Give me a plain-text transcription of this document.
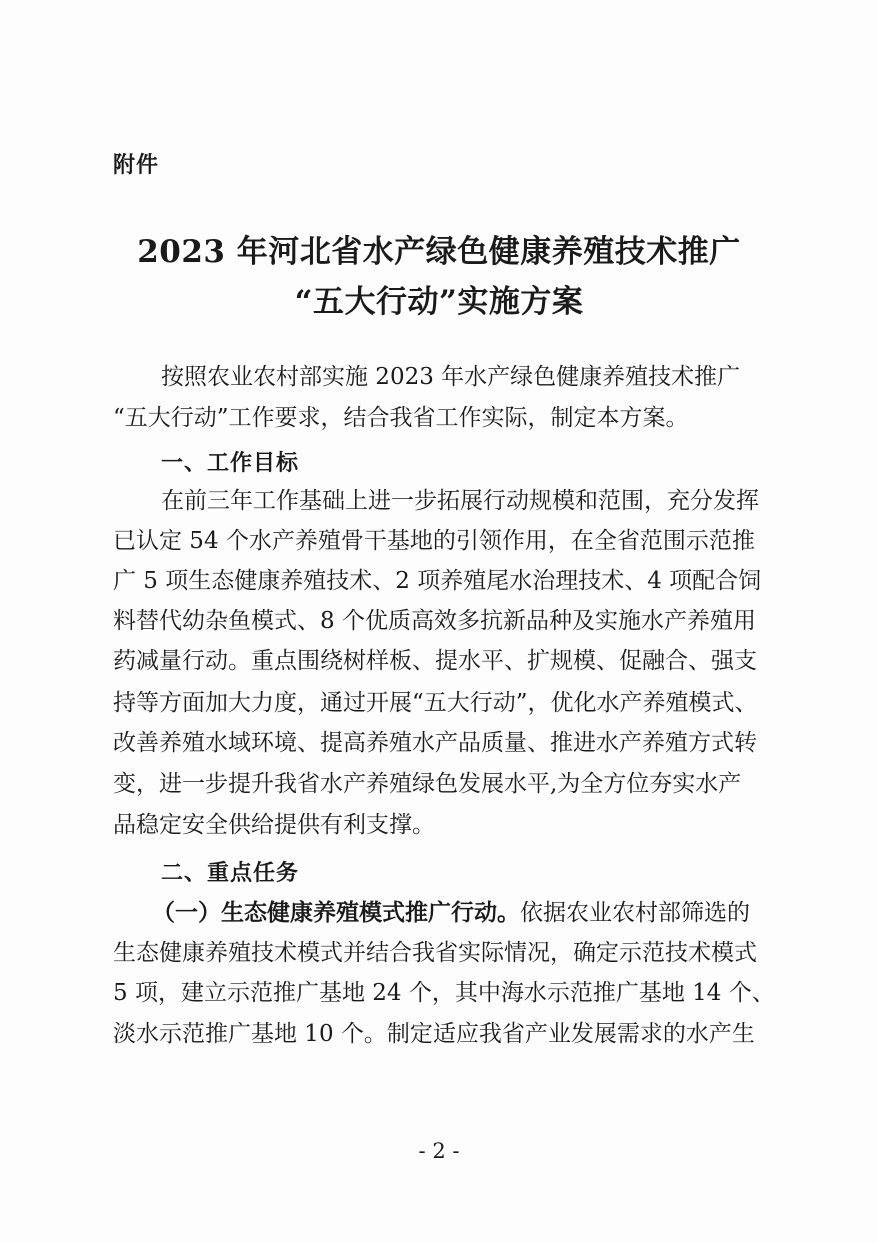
附件
2023 年河北省水产绿色健康养殖技术推广
“五大行动”实施方案
按照农业农村部实施 2023 年水产绿色健康养殖技术推广
“五大行动”工作要求，结合我省工作实际，制定本方案。
一、工作目标
在前三年工作基础上进一步拓展行动规模和范围，充分发挥
已认定 54 个水产养殖骨干基地的引领作用，在全省范围示范推
广 5 项生态健康养殖技术、2 项养殖尾水治理技术、4 项配合饲
料替代幼杂鱼模式、8 个优质高效多抗新品种及实施水产养殖用
药减量行动。重点围绕树样板、提水平、扩规模、促融合、强支
持等方面加大力度，通过开展“五大行动”，优化水产养殖模式、
改善养殖水域环境、提高养殖水产品质量、推进水产养殖方式转
变，进一步提升我省水产养殖绿色发展水平,为全方位夯实水产
品稳定安全供给提供有利支撑。
二、重点任务
（一）生态健康养殖模式推广行动。依据农业农村部筛选的
生态健康养殖技术模式并结合我省实际情况，确定示范技术模式
5 项，建立示范推广基地 24 个，其中海水示范推广基地 14 个、
淡水示范推广基地 10 个。制定适应我省产业发展需求的水产生
- 2 -
